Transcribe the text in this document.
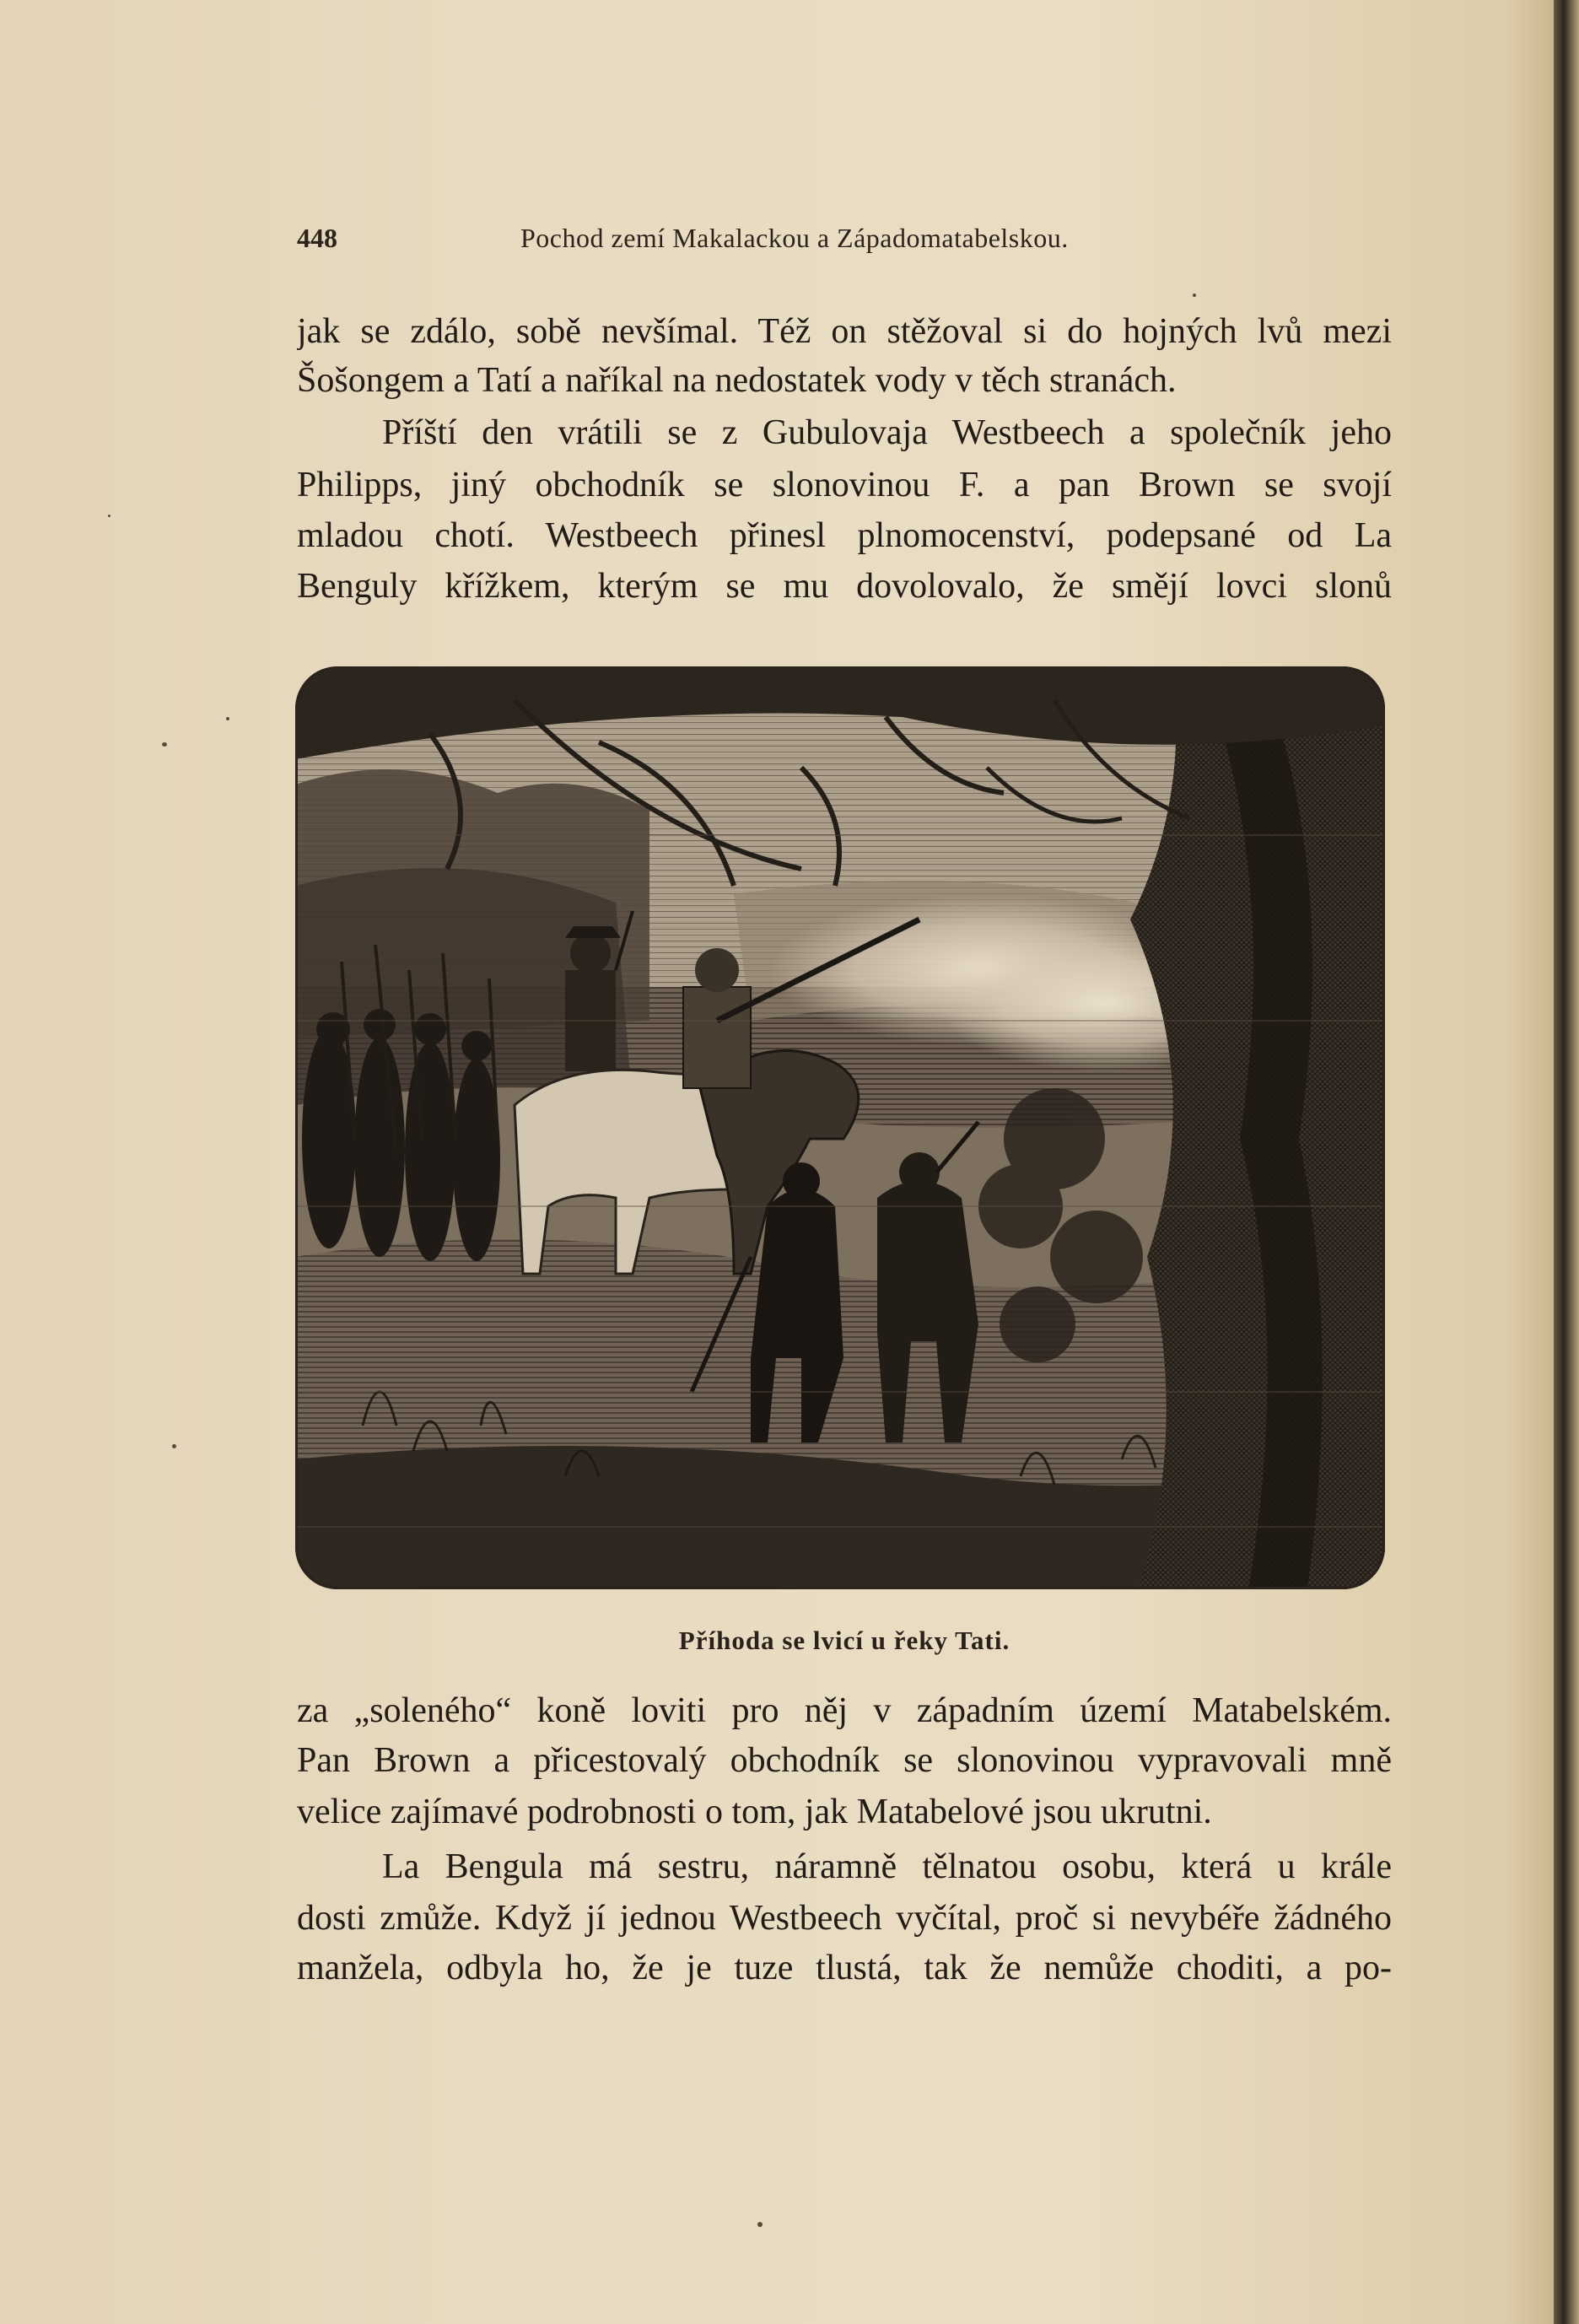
448	Pochod zemí Makalackou a Západomatabelskou.
jak se zdálo, sobě nevšímal. Též on stěžoval si do hojných lvů mezi
Šošongem a Tatí a naříkal na nedostatek vody v těch stranách.
Příští den vrátili se z Gubulovaja Westbeech a společník jeho
Philipps, jiný obchodník se slonovinou F. a pan Brown se svojí
mladou chotí. Westbeech přinesl plnomocenství, podepsané od La
Benguly křížkem, kterým se mu dovolovalo, že smějí lovci slonů
Příhoda se lvicí u řeky Tati.
za „soleného“ koně loviti pro něj v západním území Matabelském.
Pan Brown a přicestovalý obchodník se slonovinou vypravovali mně
velice zajímavé podrobnosti o tom, jak Matabelové jsou ukrutni.
La Bengula má sestru, náramně tělnatou osobu, která u krále
dosti zmůže. Když jí jednou Westbeech vyčítal, proč si nevybéře žádného
manžela, odbyla ho, že je tuze tlustá, tak že nemůže choditi, a po-
